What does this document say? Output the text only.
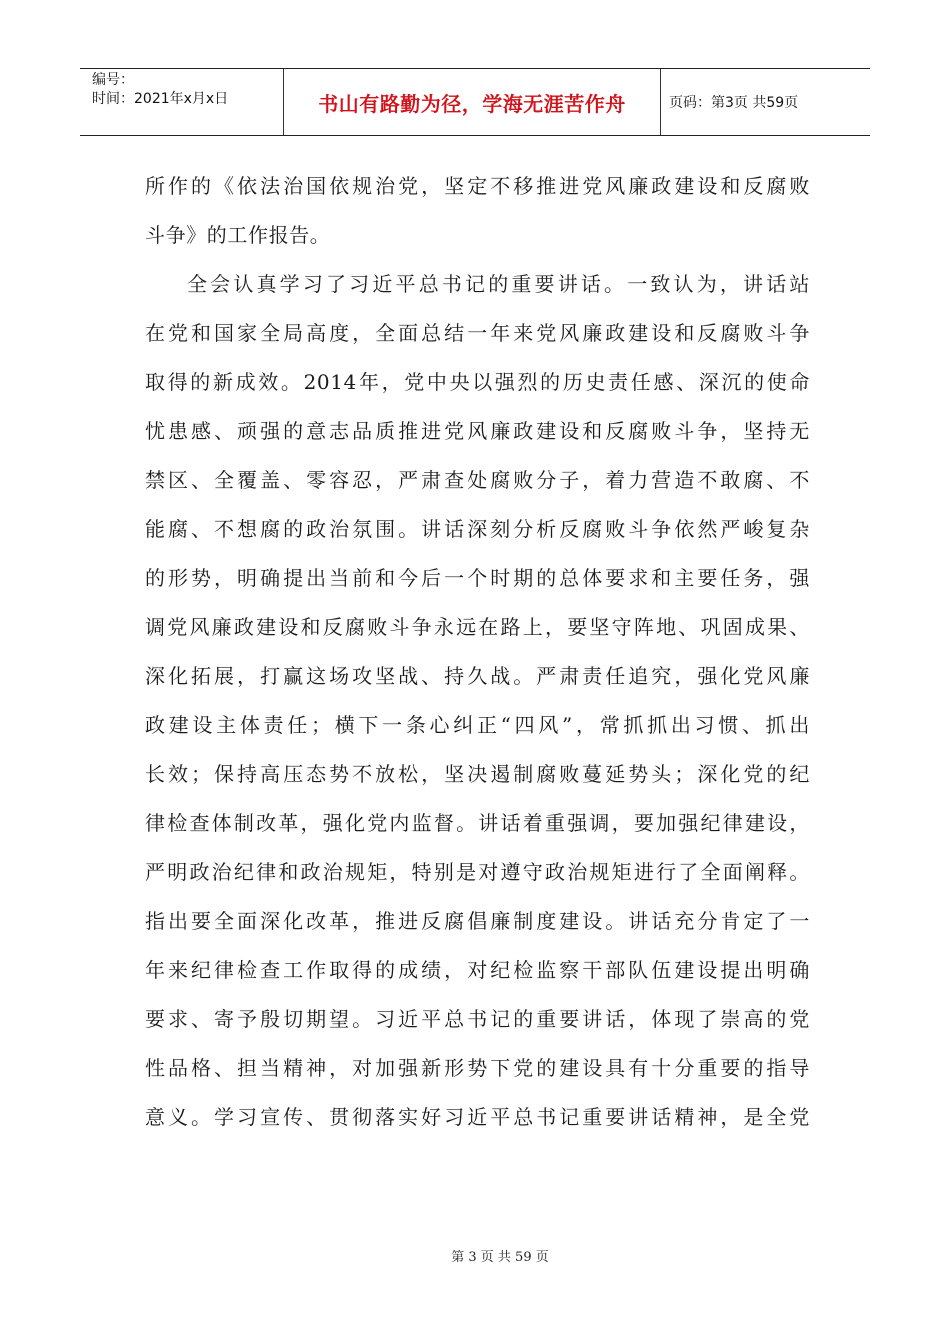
编号：
时间：2021年x月x日	书山有路勤为径，学海无涯苦作舟	页码：第3页 共59页
所作的《依法治国依规治党，坚定不移推进党风廉政建设和反腐败
斗争》的工作报告。
全会认真学习了习近平总书记的重要讲话。一致认为，讲话站
在党和国家全局高度，全面总结一年来党风廉政建设和反腐败斗争
取得的新成效。2014年，党中央以强烈的历史责任感、深沉的使命
忧患感、顽强的意志品质推进党风廉政建设和反腐败斗争，坚持无
禁区、全覆盖、零容忍，严肃查处腐败分子，着力营造不敢腐、不
能腐、不想腐的政治氛围。讲话深刻分析反腐败斗争依然严峻复杂
的形势，明确提出当前和今后一个时期的总体要求和主要任务，强
调党风廉政建设和反腐败斗争永远在路上，要坚守阵地、巩固成果、
深化拓展，打赢这场攻坚战、持久战。严肃责任追究，强化党风廉
政建设主体责任；横下一条心纠正“四风”，常抓抓出习惯、抓出
长效；保持高压态势不放松，坚决遏制腐败蔓延势头；深化党的纪
律检查体制改革，强化党内监督。讲话着重强调，要加强纪律建设，
严明政治纪律和政治规矩，特别是对遵守政治规矩进行了全面阐释。
指出要全面深化改革，推进反腐倡廉制度建设。讲话充分肯定了一
年来纪律检查工作取得的成绩，对纪检监察干部队伍建设提出明确
要求、寄予殷切期望。习近平总书记的重要讲话，体现了崇高的党
性品格、担当精神，对加强新形势下党的建设具有十分重要的指导
意义。学习宣传、贯彻落实好习近平总书记重要讲话精神，是全党
第 3 页 共 59 页
